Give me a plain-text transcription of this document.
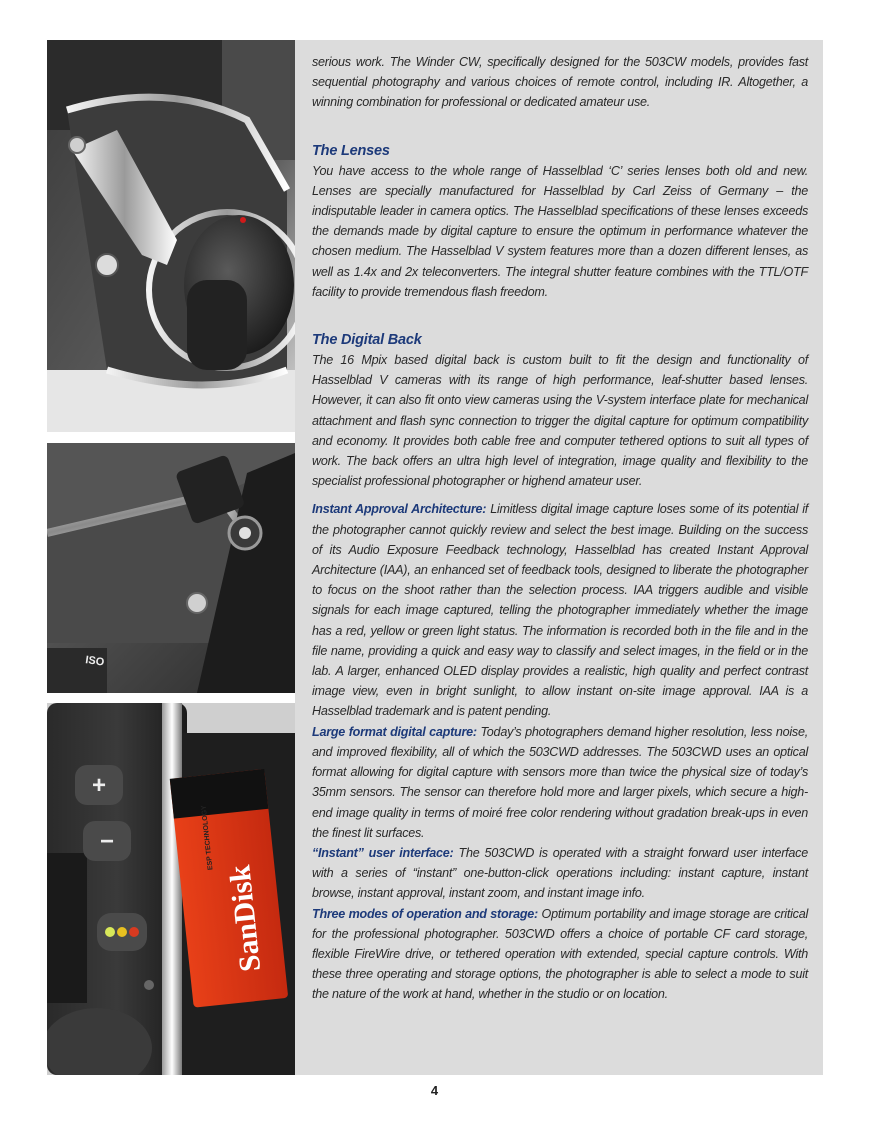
ISO
+
−
SanDisk
ESP TECHNOLOGY

serious work. The Winder CW, specifically designed for the 503CW models, provides fast sequential photography and various choices of remote control, including IR. Altogether, a winning combination for professional or dedicated amateur use.

The Lenses

You have access to the whole range of Hasselblad ‘C’ series lenses both old and new. Lenses are specially manufactured for Hasselblad by Carl Zeiss of Germany – the indisputable leader in camera optics. The Hasselblad specifications of these lenses exceeds the demands made by digital capture to ensure the optimum in performance whatever the chosen medium. The Hasselblad V system features more than a dozen different lenses, as well as 1.4x and 2x teleconverters. The integral shutter feature combines with the TTL/OTF facility to provide tremendous flash freedom.

The Digital Back

The 16 Mpix based digital back is custom built to fit the design and functionality of Hasselblad V cameras with its range of high performance, leaf-shutter based lenses. However, it can also fit onto view cameras using the V-system interface plate for mechanical attachment and flash sync connection to trigger the digital capture for optimum compatibility and economy. It provides both cable free and computer tethered options to suit all types of work. The back offers an ultra high level of integration, image quality and flexibility to the specialist professional photographer or highend amateur user.

Instant Approval Architecture: Limitless digital image capture loses some of its potential if the photographer cannot quickly review and select the best image. Building on the success of its Audio Exposure Feedback technology, Hasselblad has created Instant Approval Architecture (IAA), an enhanced set of feedback tools, designed to liberate the photographer to focus on the shoot rather than the selection process. IAA triggers audible and visible signals for each image captured, telling the photographer immediately whether the image has a red, yellow or green light status. The information is recorded both in the file and in the file name, providing a quick and easy way to classify and select images, in the field or in the lab. A larger, enhanced OLED display provides a realistic, high quality and perfect contrast image view, even in bright sunlight, to allow instant on-site image approval. IAA is a Hasselblad trademark and is patent pending.

Large format digital capture: Today’s photographers demand higher resolution, less noise, and improved flexibility, all of which the 503CWD addresses. The 503CWD uses an optical format allowing for digital capture with sensors more than twice the physical size of today’s 35mm sensors. The sensor can therefore hold more and larger pixels, which secure a high-end image quality in terms of moiré free color rendering without gradation break-ups in even the finest lit surfaces.

“Instant” user interface: The 503CWD is operated with a straight forward user interface with a series of “instant” one-button-click operations including: instant capture, instant browse, instant approval, instant zoom, and instant image info.

Three modes of operation and storage: Optimum portability and image storage are critical for the professional photographer. 503CWD offers a choice of portable CF card storage, flexible FireWire drive, or tethered operation with extended, special capture controls. With these three operating and storage options, the photographer is able to select a mode to suit the nature of the work at hand, whether in the studio or on location.

4
